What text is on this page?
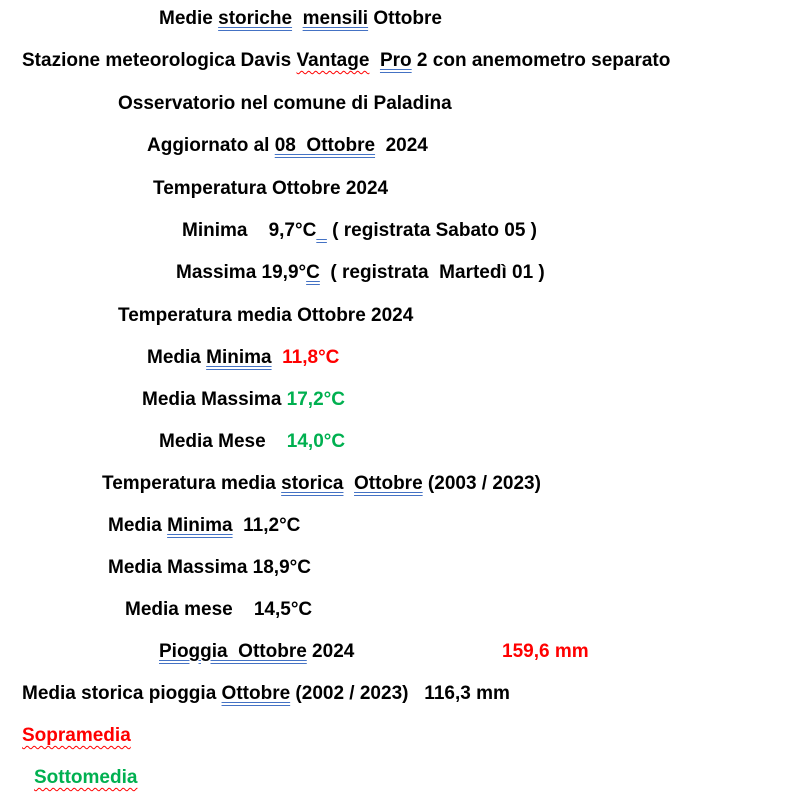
Medie storiche mensili Ottobre
Stazione meteorologica Davis Vantage Pro 2 con anemometro separato
Osservatorio nel comune di Paladina
Aggiornato al 08  Ottobre  2024
Temperatura Ottobre 2024
Minima    9,7°C   ( registrata Sabato 05 )
Massima 19,9°C  ( registrata  Martedì 01 )
Temperatura media Ottobre 2024
Media Minima 11,8°C
Media Massima 17,2°C
Media Mese    14,0°C
Temperatura media storica Ottobre (2003 / 2023)
Media Minima  11,2°C
Media Massima 18,9°C
Media mese    14,5°C
Pioggia  Ottobre 2024	159,6 mm
Media storica pioggia Ottobre (2002 / 2023)   116,3 mm
Sopramedia
Sottomedia
